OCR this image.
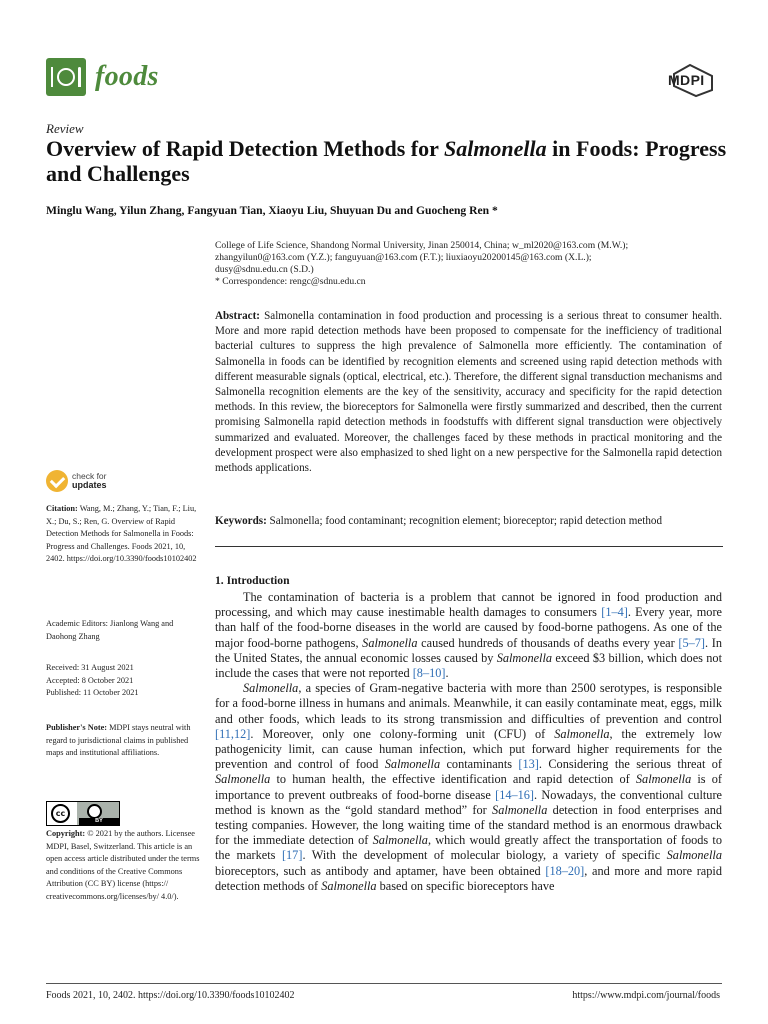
foods	MDPI
Review
Overview of Rapid Detection Methods for Salmonella in Foods: Progress and Challenges
Minglu Wang, Yilun Zhang, Fangyuan Tian, Xiaoyu Liu, Shuyuan Du and Guocheng Ren *
College of Life Science, Shandong Normal University, Jinan 250014, China; w_ml2020@163.com (M.W.);
zhangyilun0@163.com (Y.Z.); fanguyuan@163.com (F.T.); liuxiaoyu20200145@163.com (X.L.);
dusy@sdnu.edu.cn (S.D.)
* Correspondence: rengc@sdnu.edu.cn
Abstract: Salmonella contamination in food production and processing is a serious threat to consumer health. More and more rapid detection methods have been proposed to compensate for the inefficiency of traditional bacterial cultures to suppress the high prevalence of Salmonella more efficiently. The contamination of Salmonella in foods can be identified by recognition elements and screened using rapid detection methods with different measurable signals (optical, electrical, etc.). Therefore, the different signal transduction mechanisms and Salmonella recognition elements are the key of the sensitivity, accuracy and specificity for the rapid detection methods. In this review, the bioreceptors for Salmonella were firstly summarized and described, then the current promising Salmonella rapid detection methods in foodstuffs with different signal transduction were objectively summarized and evaluated. Moreover, the challenges faced by these methods in practical monitoring and the development prospect were also emphasized to shed light on a new perspective for the Salmonella rapid detection methods applications.
Keywords: Salmonella; food contaminant; recognition element; bioreceptor; rapid detection method
1. Introduction

The contamination of bacteria is a problem that cannot be ignored in food production and processing, and which may cause inestimable health damages to consumers [1–4]. Every year, more than half of the food-borne diseases in the world are caused by food-borne pathogens. As one of the major food-borne pathogens, Salmonella caused hundreds of thousands of deaths every year [5–7]. In the United States, the annual economic losses caused by Salmonella exceed $3 billion, which does not include the cases that were not reported [8–10].

Salmonella, a species of Gram-negative bacteria with more than 2500 serotypes, is responsible for a food-borne illness in humans and animals. Meanwhile, it can easily contaminate meat, eggs, milk and other foods, which leads to its strong transmission and difficulties of prevention and control [11,12]. Moreover, only one colony-forming unit (CFU) of Salmonella, the extremely low pathogenicity limit, can cause human infection, which put forward higher requirements for the prevention and control of food Salmonella contaminants [13]. Considering the serious threat of Salmonella to human health, the effective identification and rapid detection of Salmonella is of importance to prevent outbreaks of food-borne disease [14–16]. Nowadays, the conventional culture method is known as the “gold standard method” for Salmonella detection in food enterprises and testing companies. However, the long waiting time of the standard method is an enormous drawback for the immediate detection of Salmonella, which would greatly affect the transportation of foods to the markets [17]. With the development of molecular biology, a variety of specific Salmonella bioreceptors, such as antibody and aptamer, have been obtained [18–20], and more and more rapid detection methods of Salmonella based on specific bioreceptors have

check for
updates
Citation: Wang, M.; Zhang, Y.; Tian, F.; Liu, X.; Du, S.; Ren, G. Overview of Rapid Detection Methods for Salmonella in Foods: Progress and Challenges. Foods 2021, 10, 2402. https://doi.org/10.3390/foods10102402
Academic Editors: Jianlong Wang and Daohong Zhang
Received: 31 August 2021
Accepted: 8 October 2021
Published: 11 October 2021
Publisher's Note: MDPI stays neutral with regard to jurisdictional claims in published maps and institutional affiliations.
cc
BY
Copyright: © 2021 by the authors. Licensee MDPI, Basel, Switzerland. This article is an open access article distributed under the terms and conditions of the Creative Commons Attribution (CC BY) license (https:// creativecommons.org/licenses/by/ 4.0/).
Foods 2021, 10, 2402. https://doi.org/10.3390/foods10102402	https://www.mdpi.com/journal/foods
